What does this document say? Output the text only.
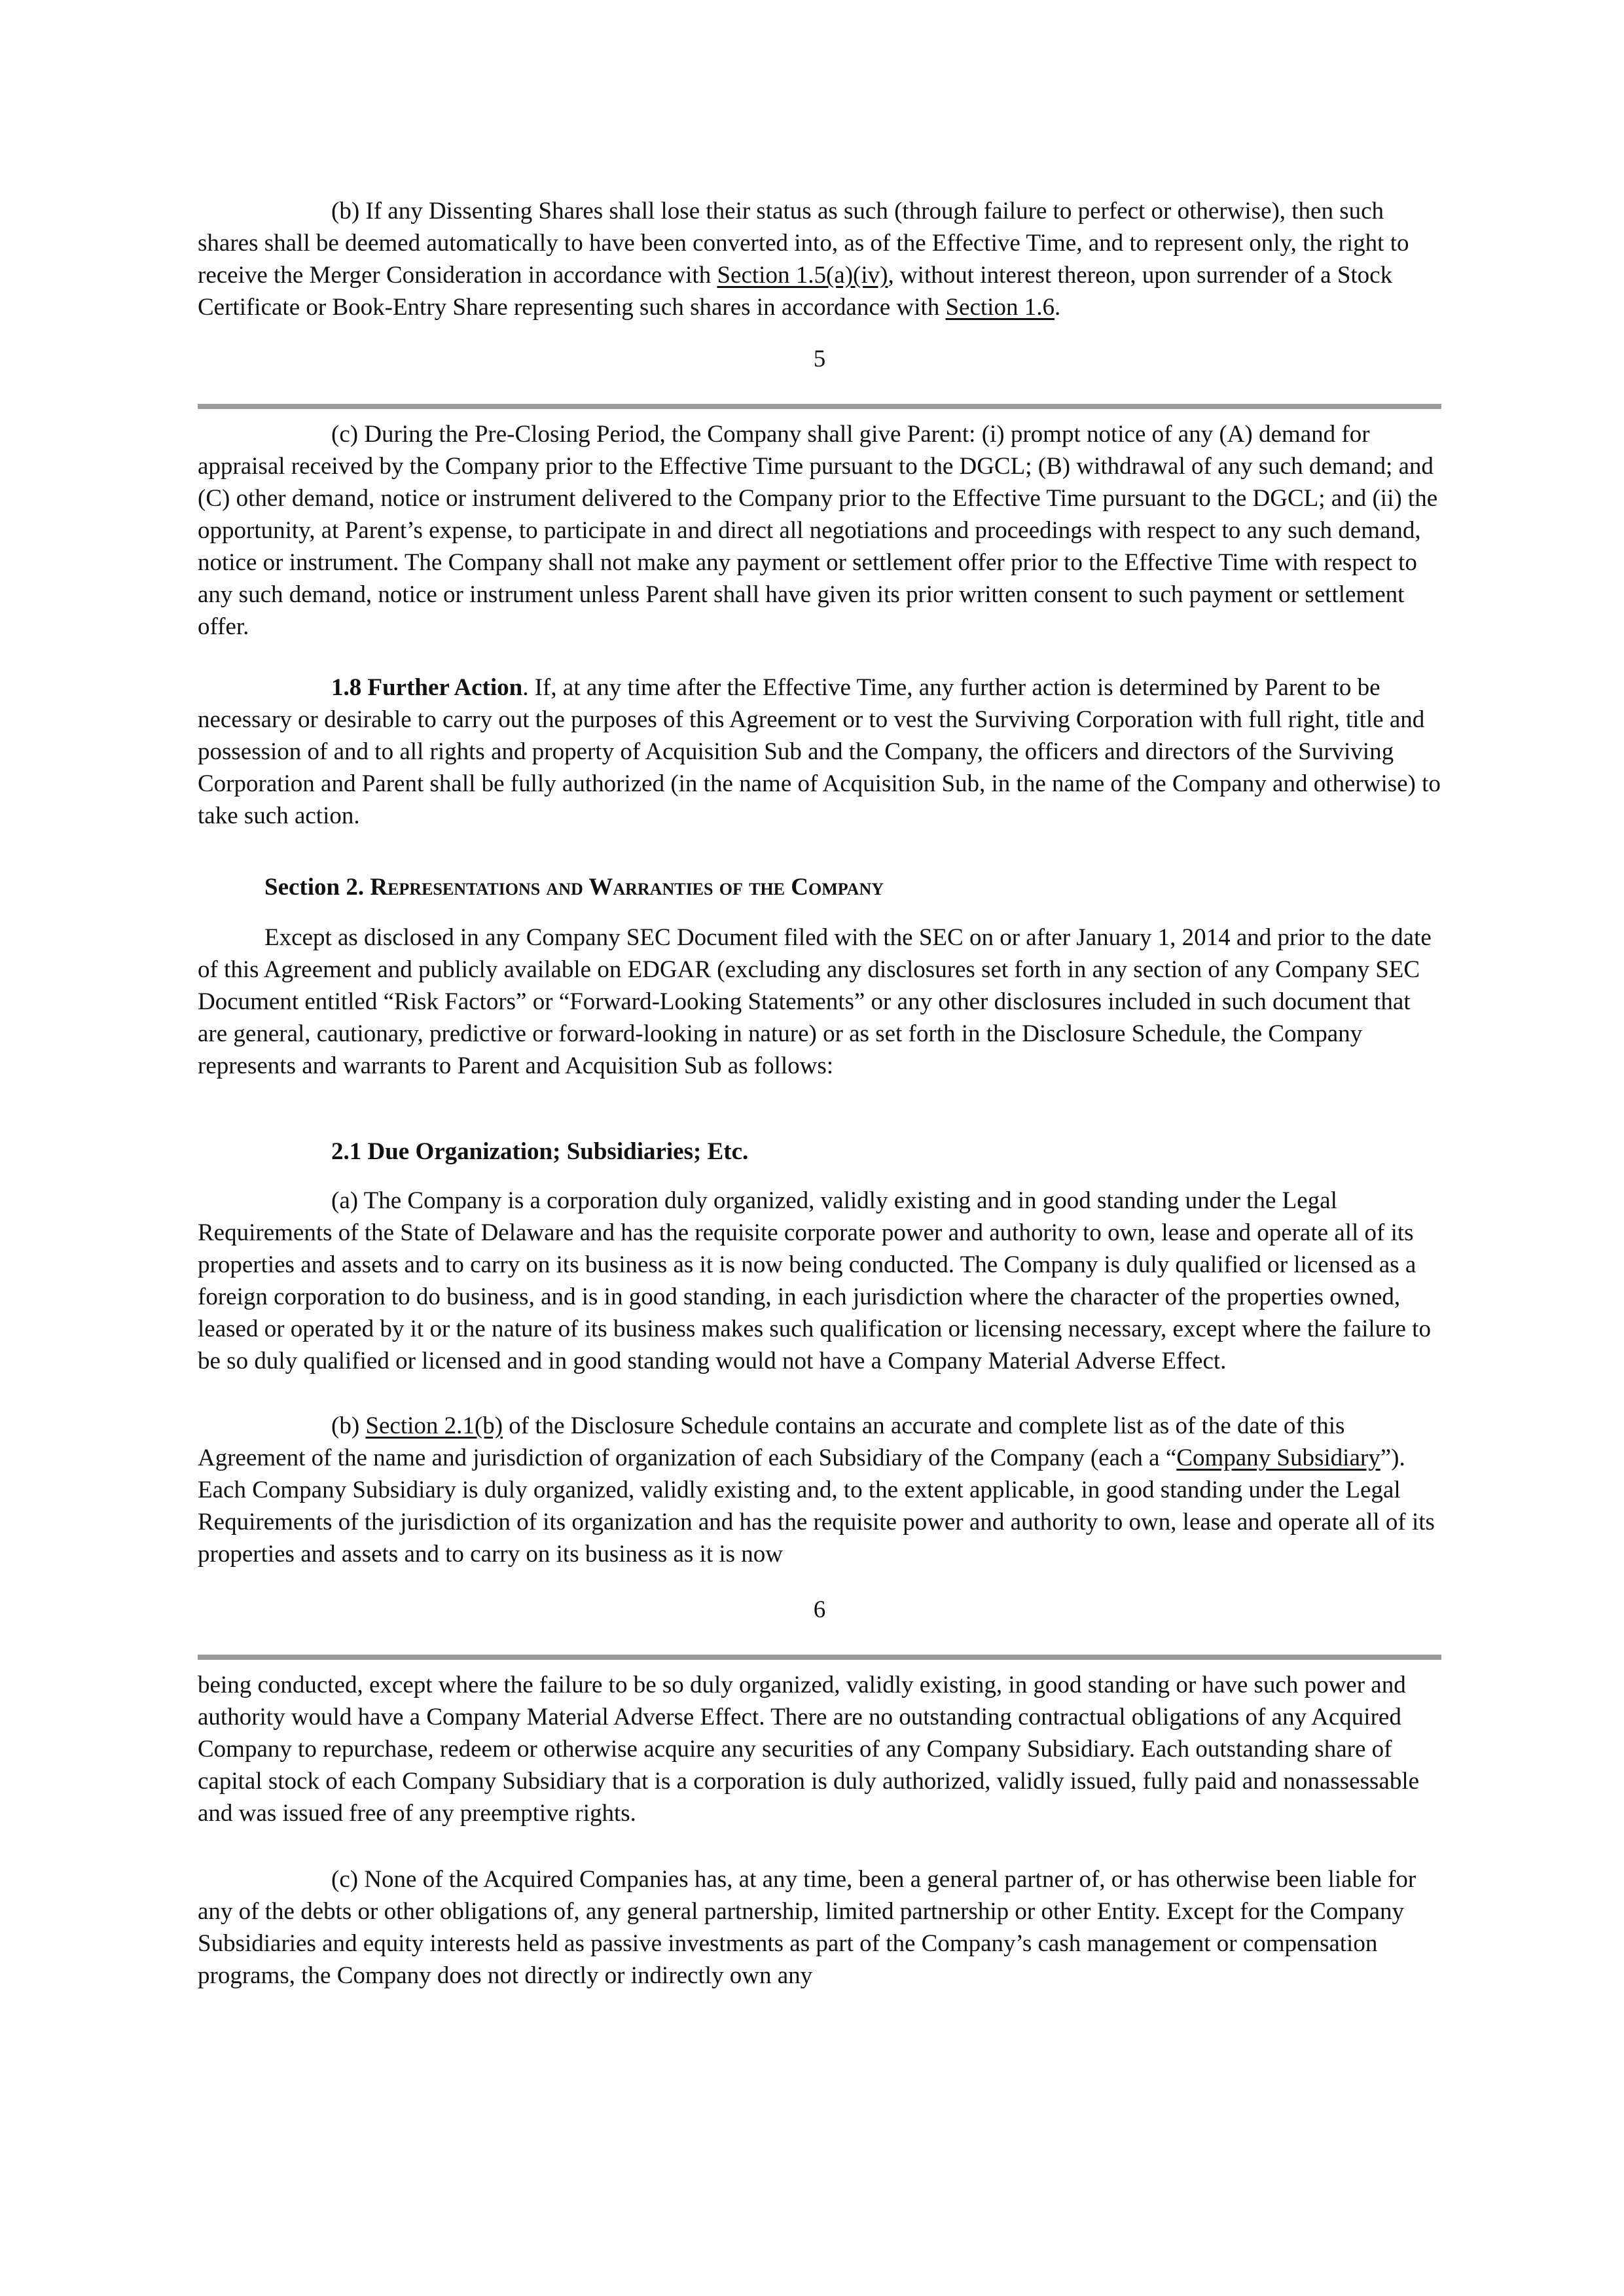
(b) If any Dissenting Shares shall lose their status as such (through failure to perfect or otherwise), then such shares shall be deemed automatically to have been converted into, as of the Effective Time, and to represent only, the right to receive the Merger Consideration in accordance with Section 1.5(a)(iv), without interest thereon, upon surrender of a Stock Certificate or Book-Entry Share representing such shares in accordance with Section 1.6.

5

(c) During the Pre-Closing Period, the Company shall give Parent: (i) prompt notice of any (A) demand for appraisal received by the Company prior to the Effective Time pursuant to the DGCL; (B) withdrawal of any such demand; and (C) other demand, notice or instrument delivered to the Company prior to the Effective Time pursuant to the DGCL; and (ii) the opportunity, at Parent’s expense, to participate in and direct all negotiations and proceedings with respect to any such demand, notice or instrument. The Company shall not make any payment or settlement offer prior to the Effective Time with respect to any such demand, notice or instrument unless Parent shall have given its prior written consent to such payment or settlement offer.

1.8 Further Action. If, at any time after the Effective Time, any further action is determined by Parent to be necessary or desirable to carry out the purposes of this Agreement or to vest the Surviving Corporation with full right, title and possession of and to all rights and property of Acquisition Sub and the Company, the officers and directors of the Surviving Corporation and Parent shall be fully authorized (in the name of Acquisition Sub, in the name of the Company and otherwise) to take such action.

Section 2. Representations and Warranties of the Company

Except as disclosed in any Company SEC Document filed with the SEC on or after January 1, 2014 and prior to the date of this Agreement and publicly available on EDGAR (excluding any disclosures set forth in any section of any Company SEC Document entitled “Risk Factors” or “Forward-Looking Statements” or any other disclosures included in such document that are general, cautionary, predictive or forward-looking in nature) or as set forth in the Disclosure Schedule, the Company represents and warrants to Parent and Acquisition Sub as follows:

2.1 Due Organization; Subsidiaries; Etc.

(a) The Company is a corporation duly organized, validly existing and in good standing under the Legal Requirements of the State of Delaware and has the requisite corporate power and authority to own, lease and operate all of its properties and assets and to carry on its business as it is now being conducted. The Company is duly qualified or licensed as a foreign corporation to do business, and is in good standing, in each jurisdiction where the character of the properties owned, leased or operated by it or the nature of its business makes such qualification or licensing necessary, except where the failure to be so duly qualified or licensed and in good standing would not have a Company Material Adverse Effect.

(b) Section 2.1(b) of the Disclosure Schedule contains an accurate and complete list as of the date of this Agreement of the name and jurisdiction of organization of each Subsidiary of the Company (each a “Company Subsidiary”). Each Company Subsidiary is duly organized, validly existing and, to the extent applicable, in good standing under the Legal Requirements of the jurisdiction of its organization and has the requisite power and authority to own, lease and operate all of its properties and assets and to carry on its business as it is now

6

being conducted, except where the failure to be so duly organized, validly existing, in good standing or have such power and authority would have a Company Material Adverse Effect. There are no outstanding contractual obligations of any Acquired Company to repurchase, redeem or otherwise acquire any securities of any Company Subsidiary. Each outstanding share of capital stock of each Company Subsidiary that is a corporation is duly authorized, validly issued, fully paid and nonassessable and was issued free of any preemptive rights.

(c) None of the Acquired Companies has, at any time, been a general partner of, or has otherwise been liable for any of the debts or other obligations of, any general partnership, limited partnership or other Entity. Except for the Company Subsidiaries and equity interests held as passive investments as part of the Company’s cash management or compensation programs, the Company does not directly or indirectly own any
